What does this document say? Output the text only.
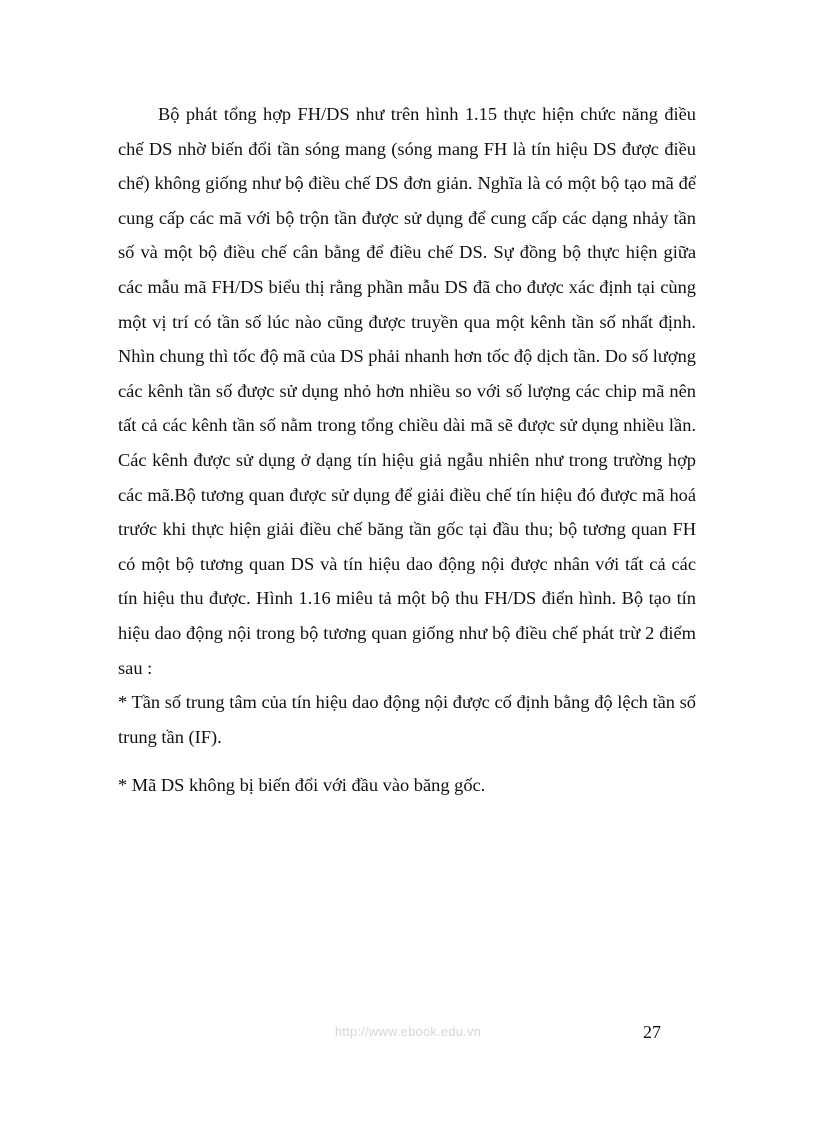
Bộ phát tổng hợp FH/DS như trên hình 1.15 thực hiện chức năng điều chế DS nhờ biến đổi tần sóng mang (sóng mang FH là tín hiệu DS được điều chế) không giống như bộ điều chế DS đơn giản. Nghĩa là có một bộ tạo mã để cung cấp các mã với bộ trộn tần được sử dụng để cung cấp các dạng nhảy tần số và một bộ điều chế cân bằng để điều chế DS. Sự đồng bộ thực hiện giữa các mẫu mã FH/DS biểu thị rằng phần mẫu DS đã cho được xác định tại cùng một vị trí có tần số lúc nào cũng được truyền qua một kênh tần số nhất định. Nhìn chung thì tốc độ mã của DS phải nhanh hơn tốc độ dịch tần. Do số lượng các kênh tần số được sử dụng nhỏ hơn nhiều so với số lượng các chip mã nên tất cả các kênh tần số nằm trong tổng chiều dài mã sẽ được sử dụng nhiều lần. Các kênh được sử dụng ở dạng tín hiệu giả ngẫu nhiên như trong trường hợp các mã.Bộ tương quan được sử dụng để giải điều chế tín hiệu đó được mã hoá trước khi thực hiện giải điều chế băng tần gốc tại đầu thu; bộ tương quan FH có một bộ tương quan DS và tín hiệu dao động nội được nhân với tất cả các tín hiệu thu được. Hình 1.16 miêu tả một bộ thu FH/DS điển hình. Bộ tạo tín hiệu dao động nội trong bộ tương quan giống như bộ điều chế phát trừ 2 điểm sau :

* Tần số trung tâm của tín hiệu dao động nội được cố định bằng độ lệch tần số trung tần (IF).

* Mã DS không bị biến đổi với đầu vào băng gốc.

http://www.ebook.edu.vn	27
